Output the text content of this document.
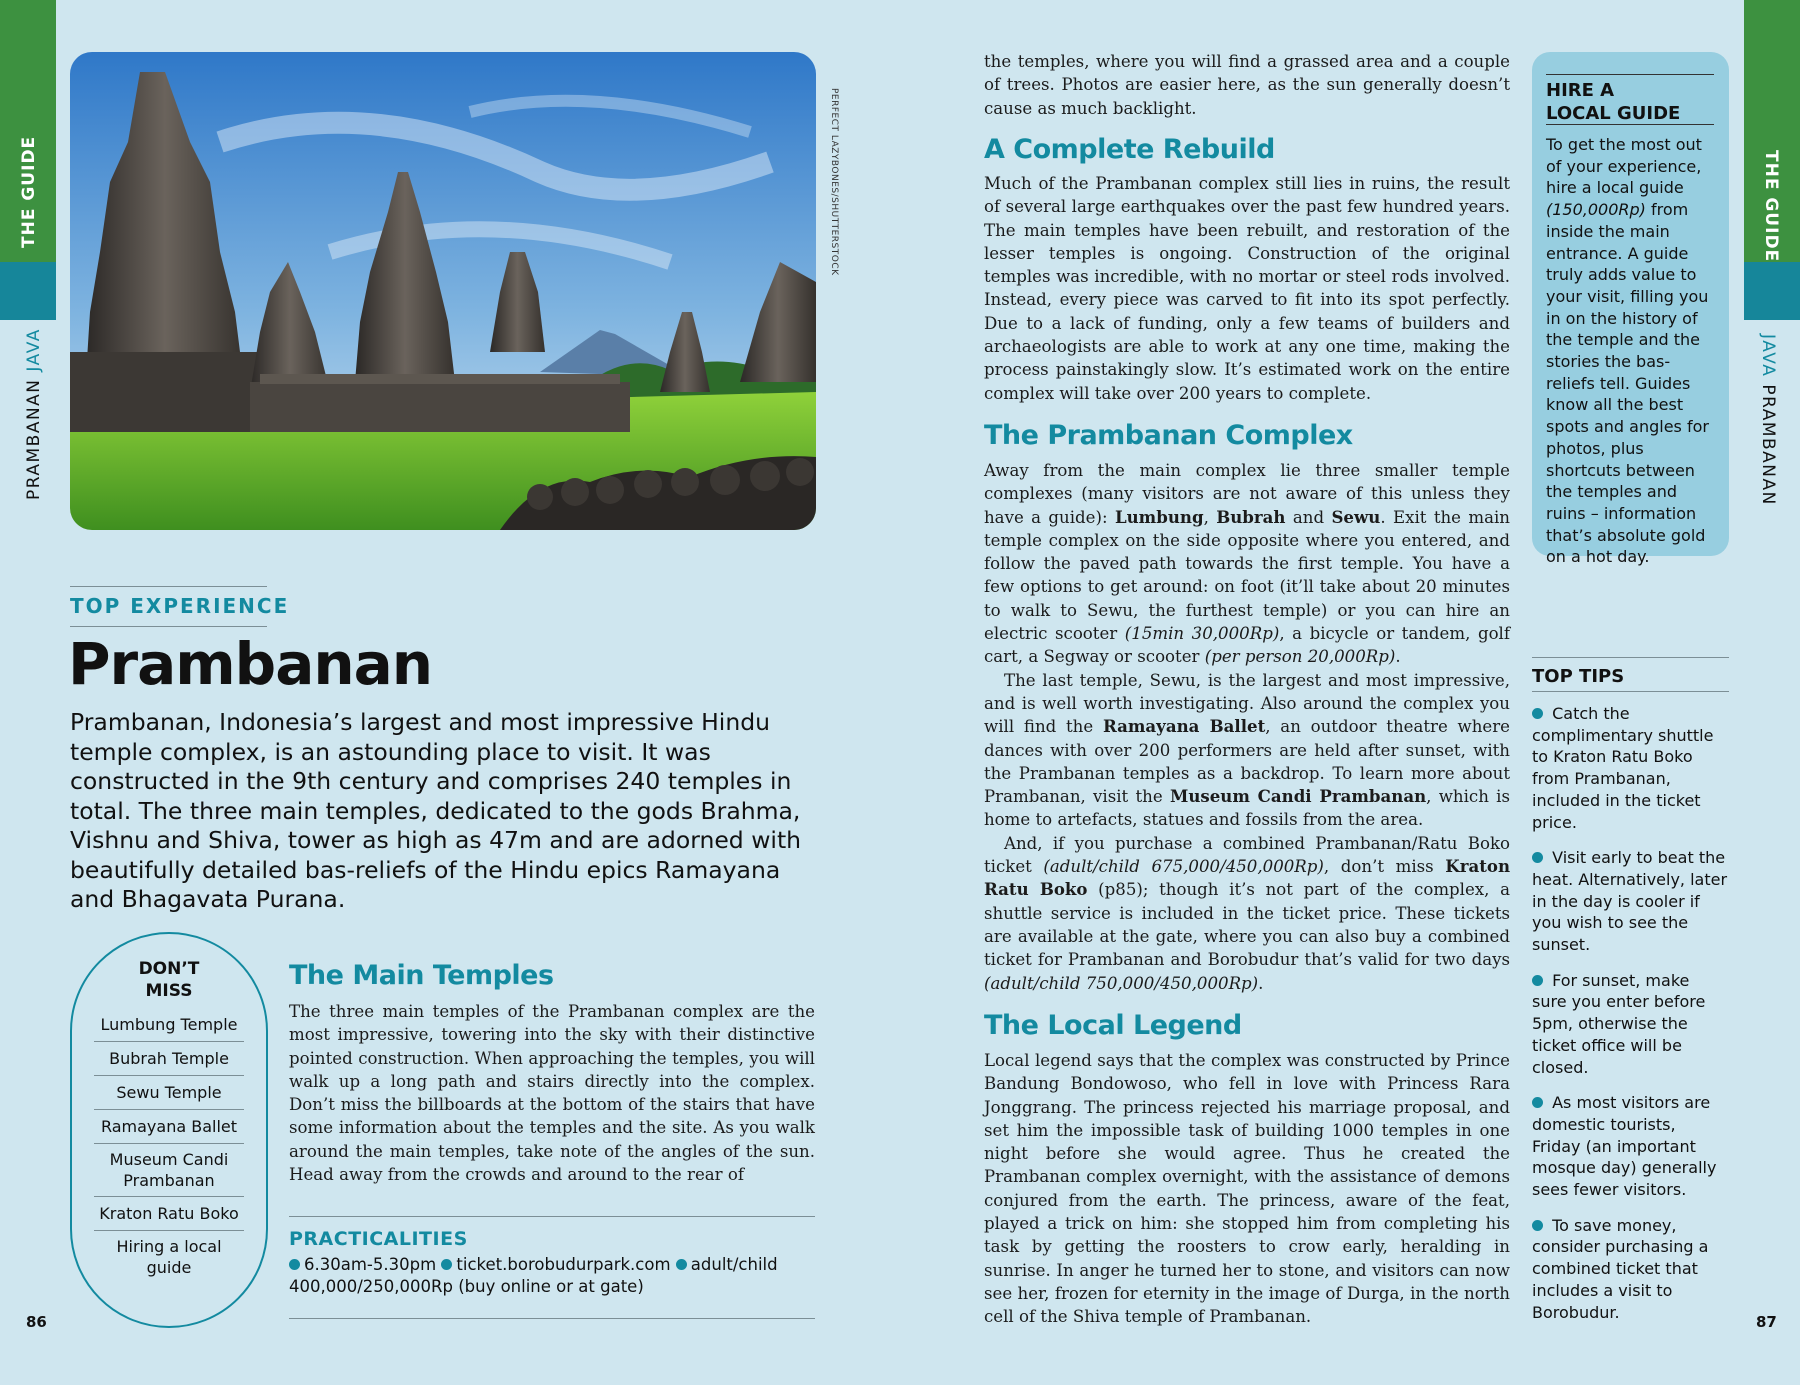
THE GUIDE
PRAMBANAN JAVA
PERFECT LAZYBONES/SHUTTERSTOCK
TOP EXPERIENCE
Prambanan
Prambanan, Indonesia’s largest and most impressive Hindu temple complex, is an astounding place to visit. It was constructed in the 9th century and comprises 240 temples in total. The three main temples, dedicated to the gods Brahma, Vishnu and Shiva, tower as high as 47m and are adorned with beautifully detailed bas-reliefs of the Hindu epics Ramayana and Bhagavata Purana.
DON’T
MISS
Lumbung Temple
Bubrah Temple
Sewu Temple
Ramayana Ballet
Museum Candi Prambanan
Kraton Ratu Boko
Hiring a local guide
The Main Temples

The three main temples of the Prambanan complex are the most impressive, towering into the sky with their distinctive pointed construction. When approaching the temples, you will walk up a long path and stairs directly into the complex. Don’t miss the billboards at the bottom of the stairs that have some information about the temples and the site. As you walk around the main temples, take note of the angles of the sun. Head away from the crowds and around to the rear of

PRACTICALITIES
6.30am-5.30pm ticket.borobudurpark.com adult/child 400,000/250,000Rp (buy online or at gate)
86

the temples, where you will find a grassed area and a couple of trees. Photos are easier here, as the sun generally doesn’t cause as much backlight.

A Complete Rebuild

Much of the Prambanan complex still lies in ruins, the result of several large earthquakes over the past few hundred years. The main temples have been rebuilt, and restoration of the lesser temples is ongoing. Construction of the original temples was incredible, with no mortar or steel rods involved. Instead, every piece was carved to fit into its spot perfectly. Due to a lack of funding, only a few teams of builders and archaeologists are able to work at any one time, making the process painstakingly slow. It’s estimated work on the entire complex will take over 200 years to complete.

The Prambanan Complex

Away from the main complex lie three smaller temple complexes (many visitors are not aware of this unless they have a guide): Lumbung, Bubrah and Sewu. Exit the main temple complex on the side opposite where you entered, and follow the paved path towards the first temple. You have a few options to get around: on foot (it’ll take about 20 minutes to walk to Sewu, the furthest temple) or you can hire an electric scooter (15min 30,000Rp), a bicycle or tandem, golf cart, a Segway or scooter (per person 20,000Rp).

The last temple, Sewu, is the largest and most impressive, and is well worth investigating. Also around the complex you will find the Ramayana Ballet, an outdoor theatre where dances with over 200 performers are held after sunset, with the Prambanan temples as a backdrop. To learn more about Prambanan, visit the Museum Candi Prambanan, which is home to artefacts, statues and fossils from the area.

And, if you purchase a combined Prambanan/Ratu Boko ticket (adult/child 675,000/450,000Rp), don’t miss Kraton Ratu Boko (p85); though it’s not part of the complex, a shuttle service is included in the ticket price. These tickets are available at the gate, where you can also buy a combined ticket for Prambanan and Borobudur that’s valid for two days (adult/child 750,000/450,000Rp).

The Local Legend

Local legend says that the complex was constructed by Prince Bandung Bondowoso, who fell in love with Princess Rara Jonggrang. The princess rejected his marriage proposal, and set him the impossible task of building 1000 temples in one night before she would agree. Thus he created the Prambanan complex overnight, with the assistance of demons conjured from the earth. The princess, aware of the feat, played a trick on him: she stopped him from completing his task by getting the roosters to crow early, heralding in sunrise. In anger he turned her to stone, and visitors can now see her, frozen for eternity in the image of Durga, in the north cell of the Shiva temple of Prambanan.

HIRE A
LOCAL GUIDE
To get the most out of your experience, hire a local guide (150,000Rp) from inside the main entrance. A guide truly adds value to your visit, filling you in on the history of the temple and the stories the bas-reliefs tell. Guides know all the best spots and angles for photos, plus shortcuts between the temples and ruins – information that’s absolute gold on a hot day.
TOP TIPS
Catch the complimentary shuttle to Kraton Ratu Boko from Prambanan, included in the ticket price.
Visit early to beat the heat. Alternatively, later in the day is cooler if you wish to see the sunset.
For sunset, make sure you enter before 5pm, otherwise the ticket office will be closed.
As most visitors are domestic tourists, Friday (an important mosque day) generally sees fewer visitors.
To save money, consider purchasing a combined ticket that includes a visit to Borobudur.
THE GUIDE
JAVA PRAMBANAN
87
